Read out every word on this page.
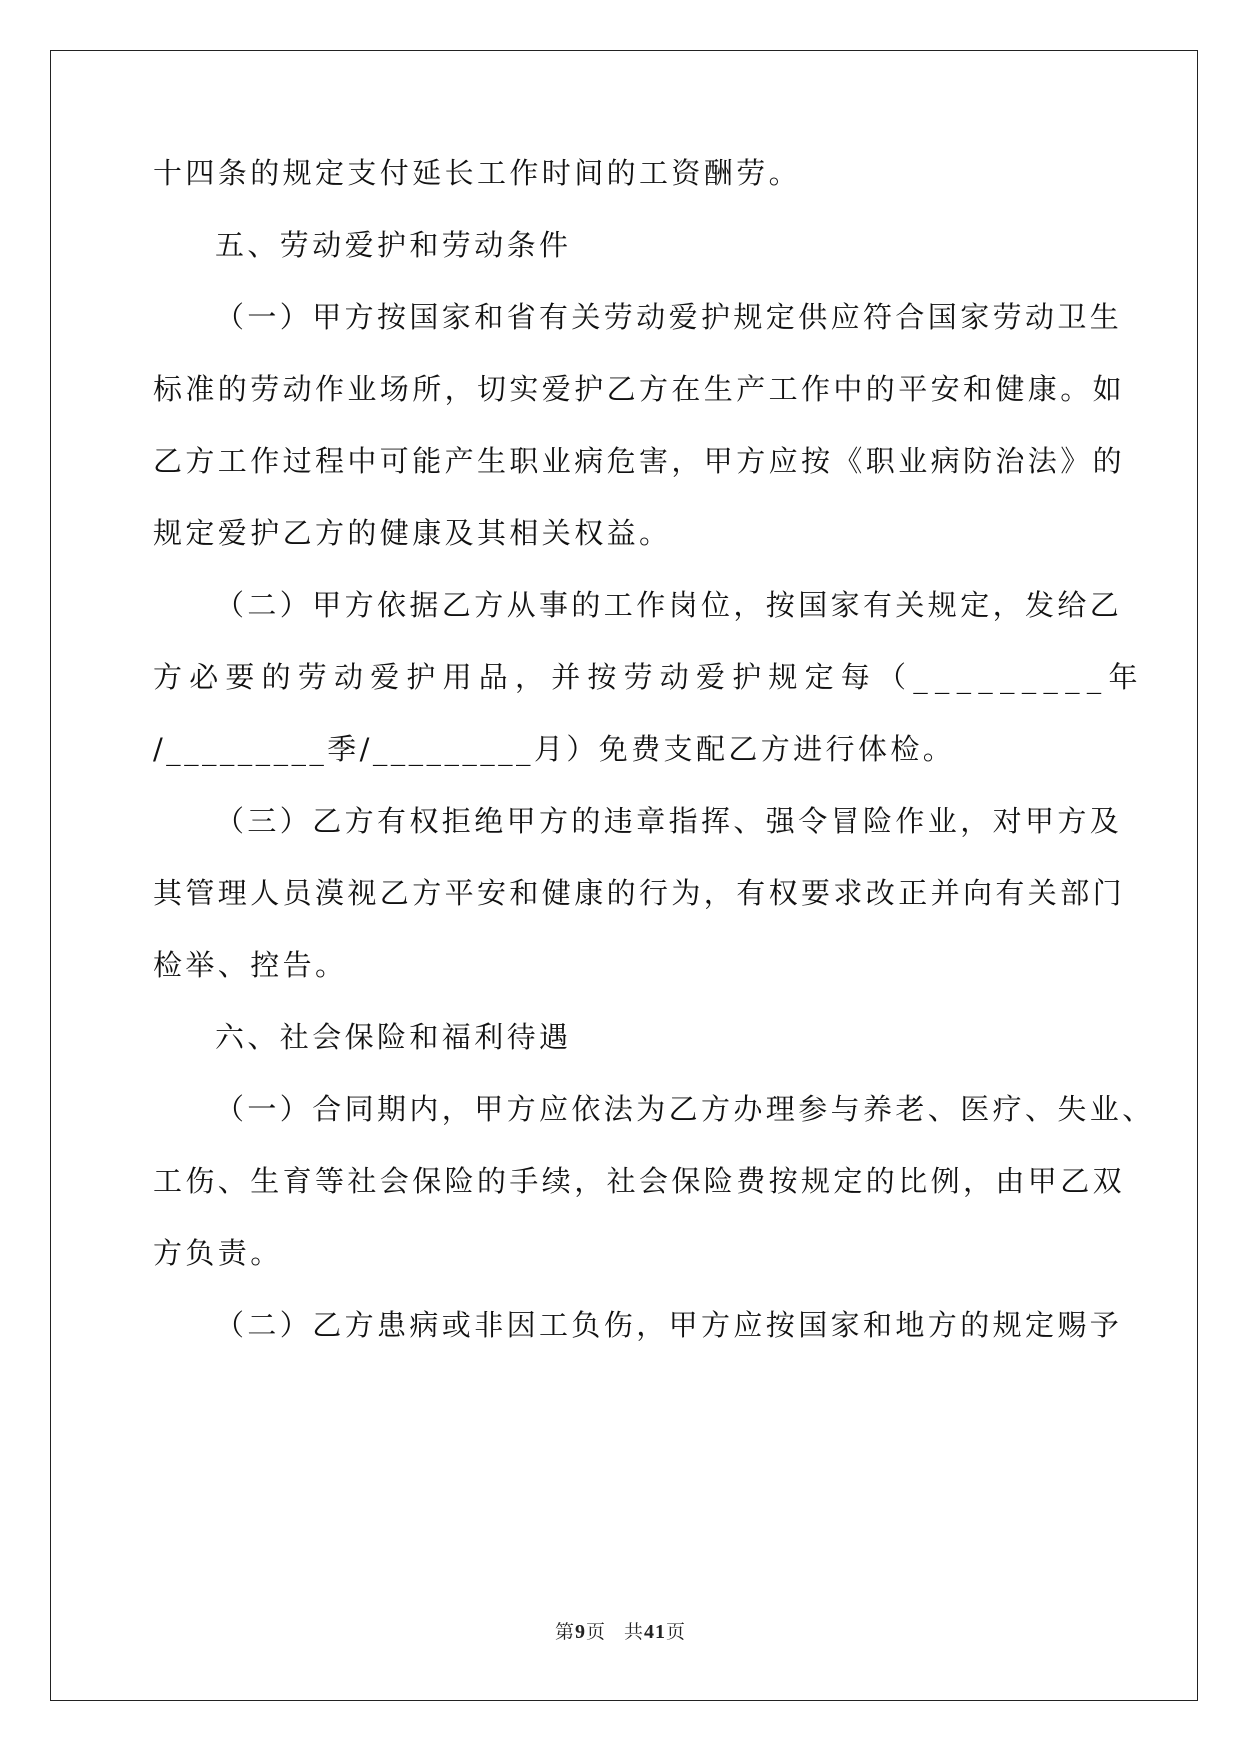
十四条的规定支付延长工作时间的工资酬劳。
五、劳动爱护和劳动条件
（一）甲方按国家和省有关劳动爱护规定供应符合国家劳动卫生
标准的劳动作业场所，切实爱护乙方在生产工作中的平安和健康。如
乙方工作过程中可能产生职业病危害，甲方应按《职业病防治法》的
规定爱护乙方的健康及其相关权益。
（二）甲方依据乙方从事的工作岗位，按国家有关规定，发给乙
方必要的劳动爱护用品，并按劳动爱护规定每（_________年
/_________季/_________月）免费支配乙方进行体检。
（三）乙方有权拒绝甲方的违章指挥、强令冒险作业，对甲方及
其管理人员漠视乙方平安和健康的行为，有权要求改正并向有关部门
检举、控告。
六、社会保险和福利待遇
（一）合同期内，甲方应依法为乙方办理参与养老、医疗、失业、
工伤、生育等社会保险的手续，社会保险费按规定的比例，由甲乙双
方负责。
（二）乙方患病或非因工负伤，甲方应按国家和地方的规定赐予
第9页 共41页
